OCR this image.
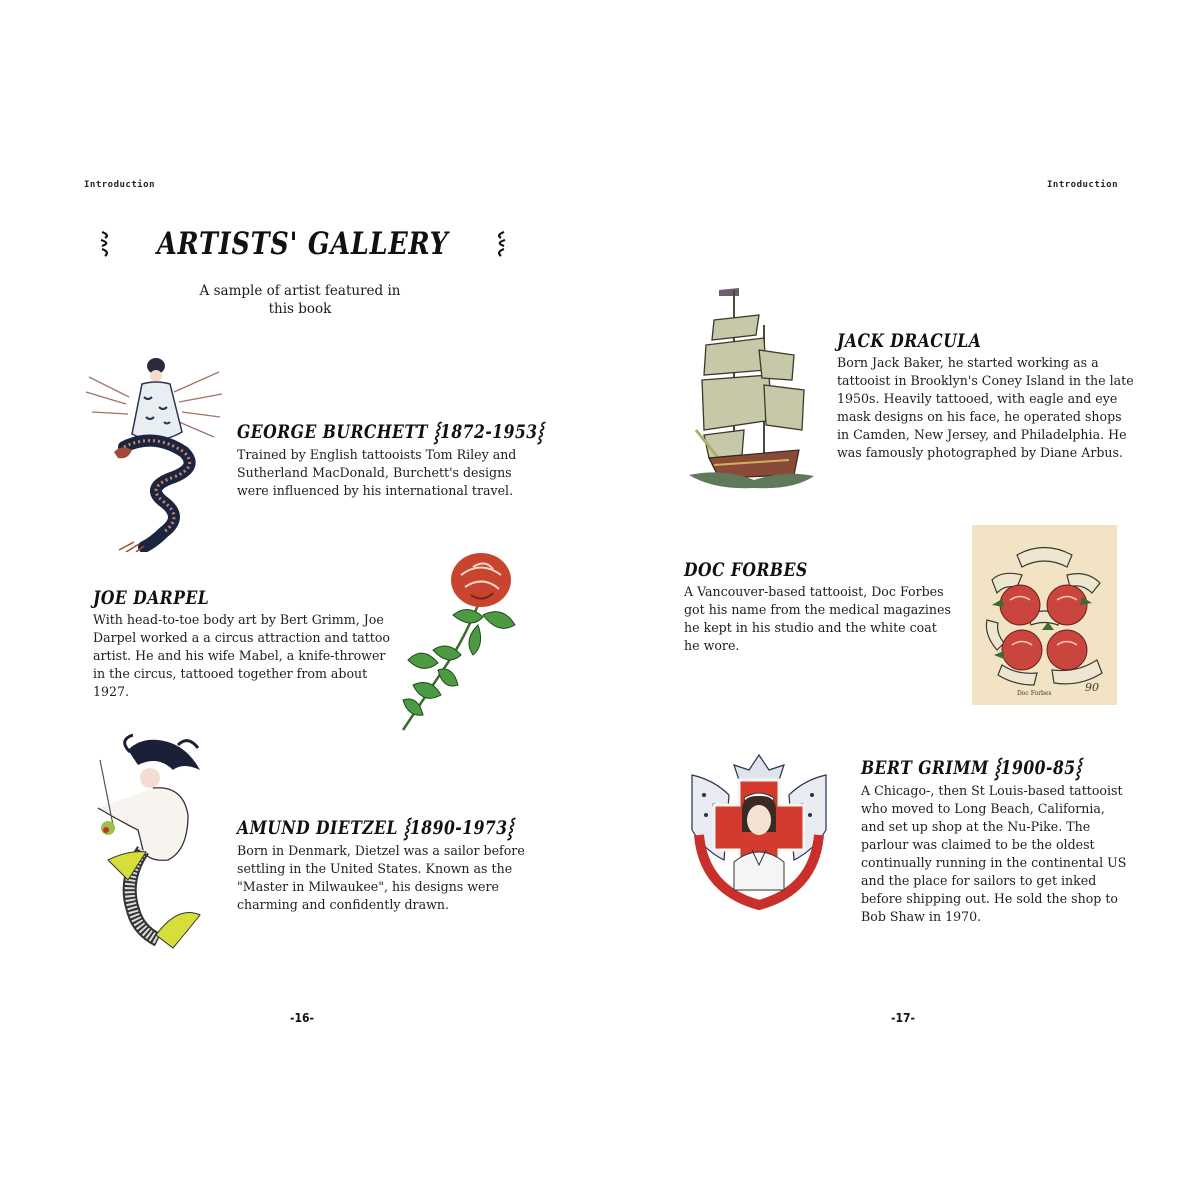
Introduction
ARTISTS' GALLERY
A sample of artist featured in this book
GEORGE BURCHETT ⸾1872-1953⸾
Trained by English tattooists Tom Riley and Sutherland MacDonald, Burchett's designs were influenced by his international travel.
JOE DARPEL
With head-to-toe body art by Bert Grimm, Joe Darpel worked a a circus attraction and tattoo artist. He and his wife Mabel, a knife-thrower in the circus, tattooed together from about 1927.
AMUND DIETZEL ⸾1890-1973⸾
Born in Denmark, Dietzel was a sailor before settling in the United States. Known as the "Master in Milwaukee", his designs were charming and confidently drawn.
-16-
Introduction
JACK DRACULA
Born Jack Baker, he started working as a tattooist in Brooklyn's Coney Island in the late 1950s. Heavily tattooed, with eagle and eye mask designs on his face, he operated shops in Camden, New Jersey, and Philadelphia. He was famously photographed by Diane Arbus.
DOC FORBES
A Vancouver-based tattooist, Doc Forbes got his name from the medical magazines he kept in his studio and the white coat he wore.
Doc Forbes	90
BERT GRIMM ⸾1900-85⸾
A Chicago-, then St Louis-based tattooist who moved to Long Beach, California, and set up shop at the Nu-Pike. The parlour was claimed to be the oldest continually running in the continental US and the place for sailors to get inked before shipping out. He sold the shop to Bob Shaw in 1970.
-17-
